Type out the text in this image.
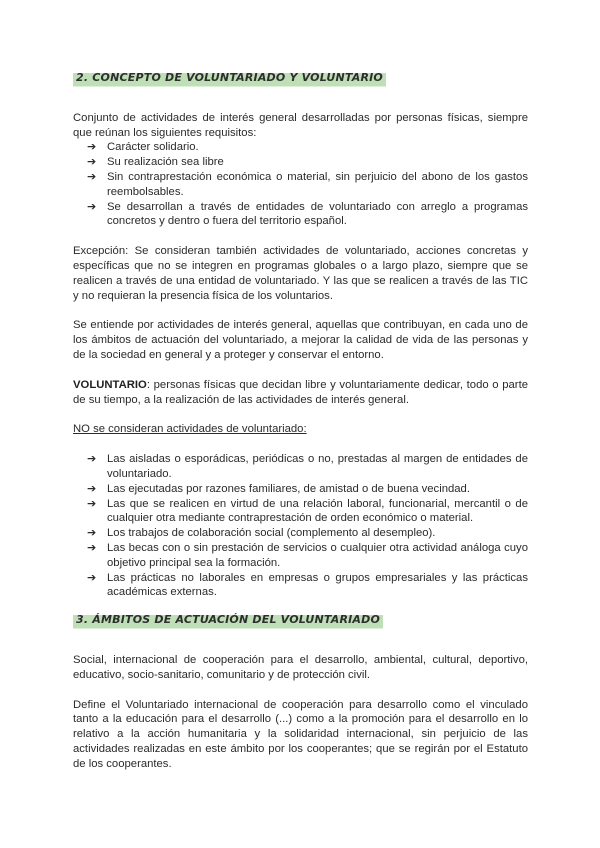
2. CONCEPTO DE VOLUNTARIADO Y VOLUNTARIO

Conjunto de actividades de interés general desarrolladas por personas físicas, siempre que reúnan los siguientes requisitos:

➔ Carácter solidario.
➔ Su realización sea libre
➔ Sin contraprestación económica o material, sin perjuicio del abono de los gastos reembolsables.
➔ Se desarrollan a través de entidades de voluntariado con arreglo a programas concretos y dentro o fuera del territorio español.

Excepción: Se consideran también actividades de voluntariado, acciones concretas y específicas que no se integren en programas globales o a largo plazo, siempre que se realicen a través de una entidad de voluntariado. Y las que se realicen a través de las TIC y no requieran la presencia física de los voluntarios.

Se entiende por actividades de interés general, aquellas que contribuyan, en cada uno de los ámbitos de actuación del voluntariado, a mejorar la calidad de vida de las personas y de la sociedad en general y a proteger y conservar el entorno.

VOLUNTARIO: personas físicas que decidan libre y voluntariamente dedicar, todo o parte de su tiempo, a la realización de las actividades de interés general.

NO se consideran actividades de voluntariado:

➔ Las aisladas o esporádicas, periódicas o no, prestadas al margen de entidades de voluntariado.
➔ Las ejecutadas por razones familiares, de amistad o de buena vecindad.
➔ Las que se realicen en virtud de una relación laboral, funcionarial, mercantil o de cualquier otra mediante contraprestación de orden económico o material.
➔ Los trabajos de colaboración social (complemento al desempleo).
➔ Las becas con o sin prestación de servicios o cualquier otra actividad análoga cuyo objetivo principal sea la formación.
➔ Las prácticas no laborales en empresas o grupos empresariales y las prácticas académicas externas.
3. ÁMBITOS DE ACTUACIÓN DEL VOLUNTARIADO

Social, internacional de cooperación para el desarrollo, ambiental, cultural, deportivo, educativo, socio-sanitario, comunitario y de protección civil.

Define el Voluntariado internacional de cooperación para desarrollo como el vinculado tanto a la educación para el desarrollo (...) como a la promoción para el desarrollo en lo relativo a la acción humanitaria y la solidaridad internacional, sin perjuicio de las actividades realizadas en este ámbito por los cooperantes; que se regirán por el Estatuto de los cooperantes.
